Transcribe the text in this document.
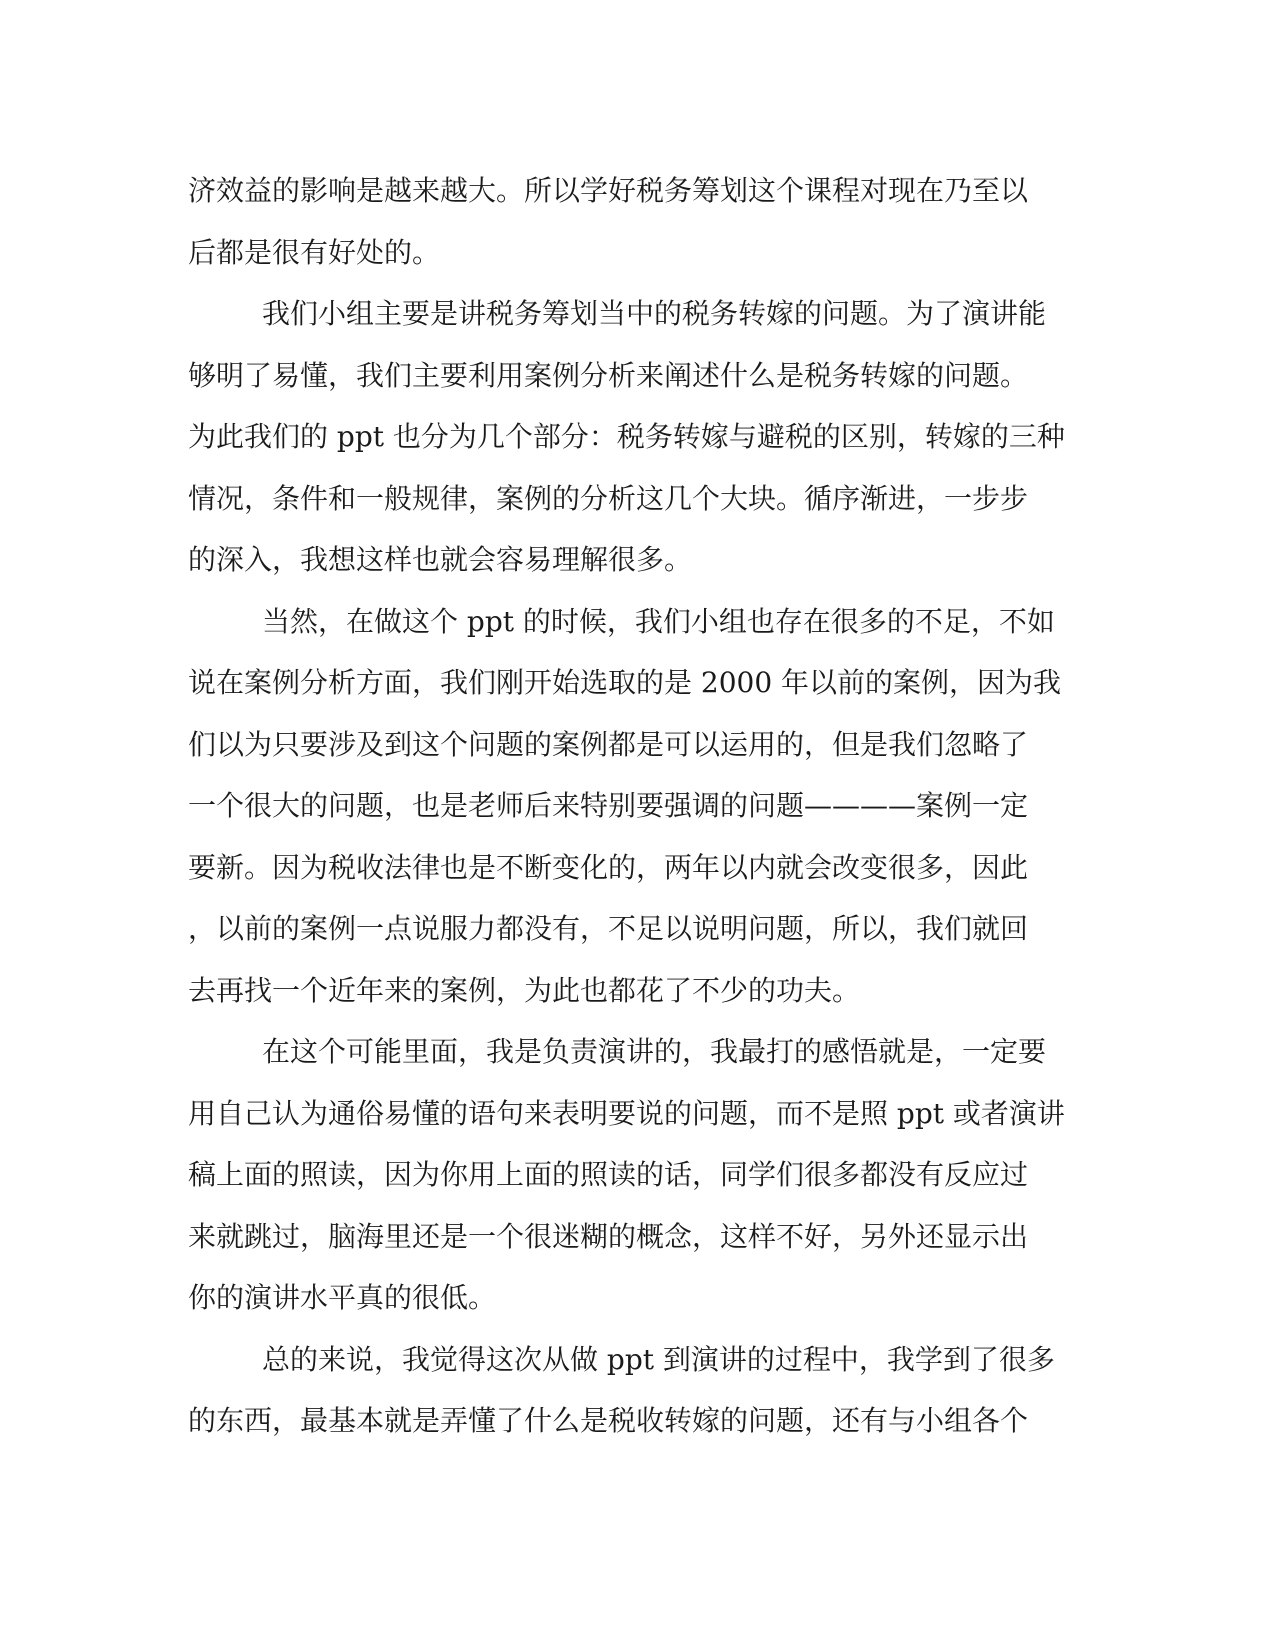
济效益的影响是越来越大。所以学好税务筹划这个课程对现在乃至以
后都是很有好处的。
我们小组主要是讲税务筹划当中的税务转嫁的问题。为了演讲能
够明了易懂，我们主要利用案例分析来阐述什么是税务转嫁的问题。
为此我们的 ppt 也分为几个部分：税务转嫁与避税的区别，转嫁的三种
情况，条件和一般规律，案例的分析这几个大块。循序渐进，一步步
的深入，我想这样也就会容易理解很多。
当然，在做这个 ppt 的时候，我们小组也存在很多的不足，不如
说在案例分析方面，我们刚开始选取的是 2000 年以前的案例，因为我
们以为只要涉及到这个问题的案例都是可以运用的，但是我们忽略了
一个很大的问题，也是老师后来特别要强调的问题————案例一定
要新。因为税收法律也是不断变化的，两年以内就会改变很多，因此
，以前的案例一点说服力都没有，不足以说明问题，所以，我们就回
去再找一个近年来的案例，为此也都花了不少的功夫。
在这个可能里面，我是负责演讲的，我最打的感悟就是，一定要
用自己认为通俗易懂的语句来表明要说的问题，而不是照 ppt 或者演讲
稿上面的照读，因为你用上面的照读的话，同学们很多都没有反应过
来就跳过，脑海里还是一个很迷糊的概念，这样不好，另外还显示出
你的演讲水平真的很低。
总的来说，我觉得这次从做 ppt 到演讲的过程中，我学到了很多
的东西，最基本就是弄懂了什么是税收转嫁的问题，还有与小组各个
